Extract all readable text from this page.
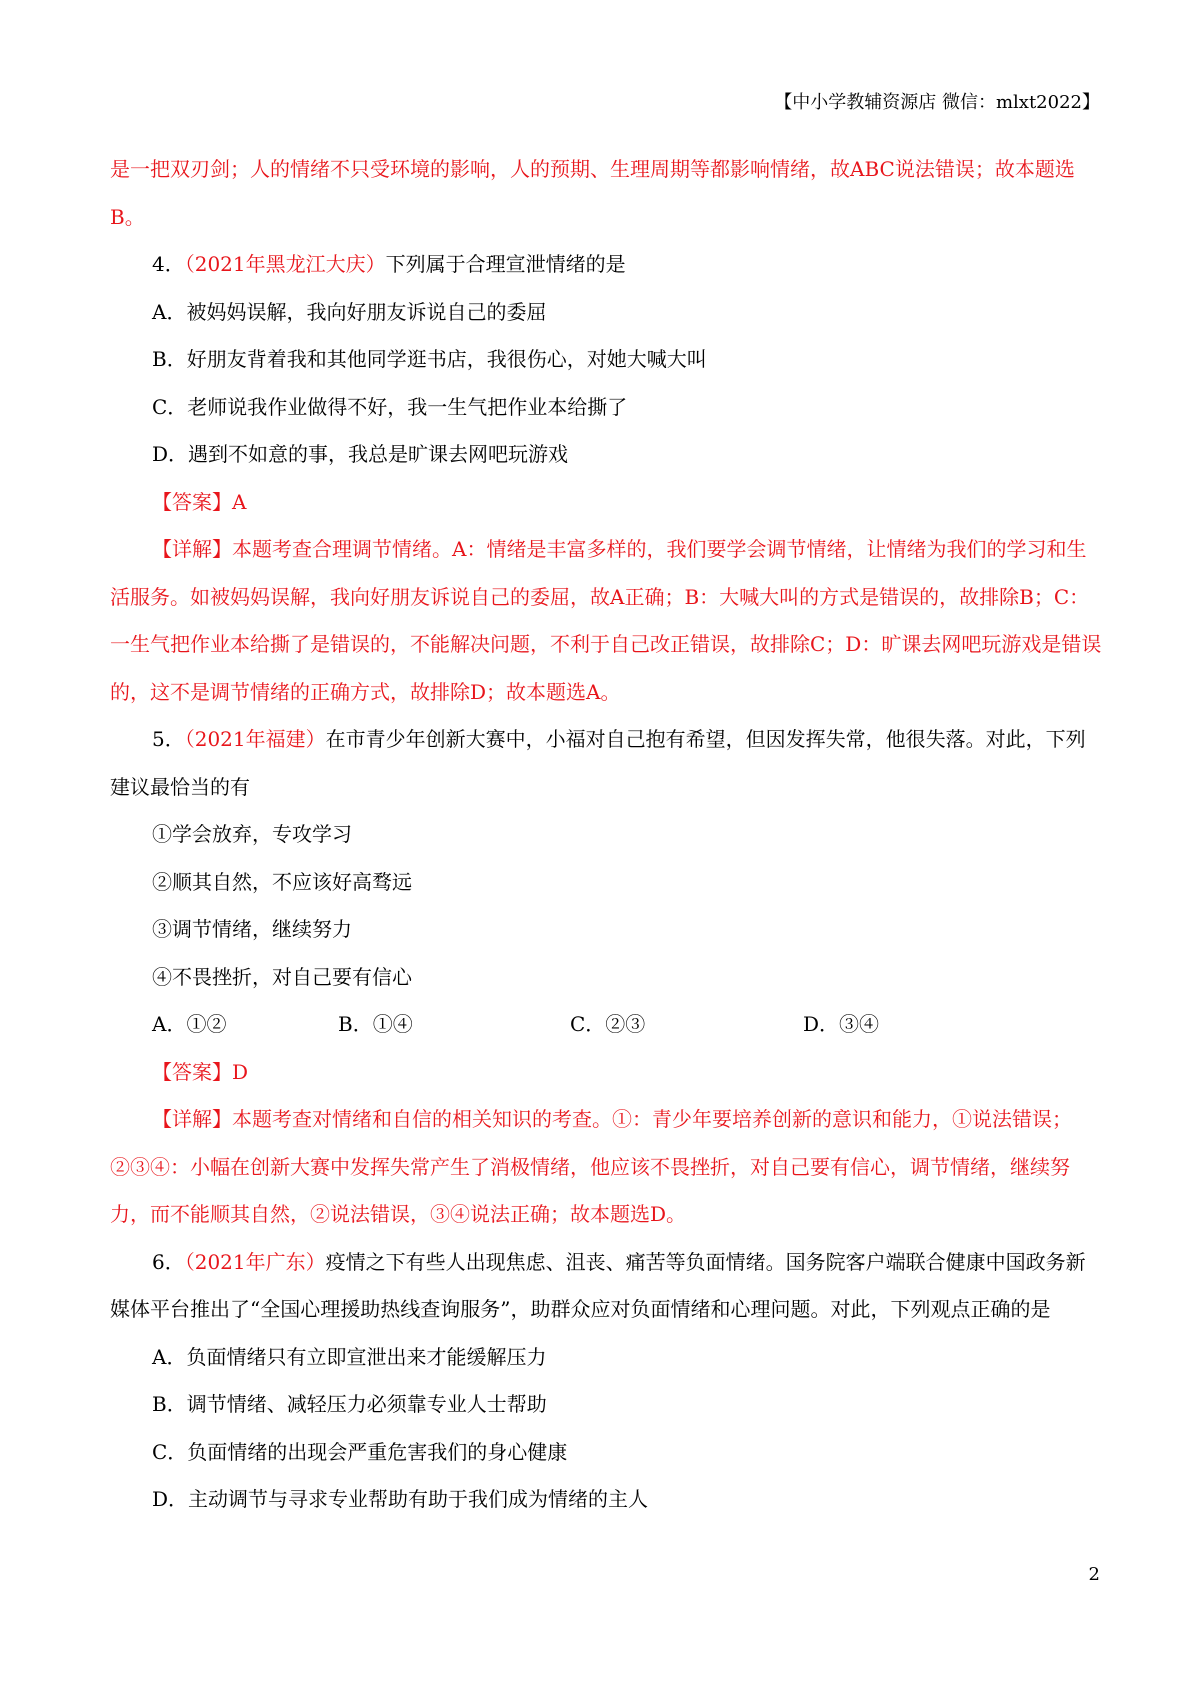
【中小学教辅资源店 微信：mlxt2022】

是一把双刃剑；人的情绪不只受环境的影响，人的预期、生理周期等都影响情绪，故ABC说法错误；故本题选B。

4．（2021年黑龙江大庆）下列属于合理宣泄情绪的是

A．被妈妈误解，我向好朋友诉说自己的委屈

B．好朋友背着我和其他同学逛书店，我很伤心，对她大喊大叫

C．老师说我作业做得不好，我一生气把作业本给撕了

D．遇到不如意的事，我总是旷课去网吧玩游戏

【答案】A

【详解】本题考查合理调节情绪。A：情绪是丰富多样的，我们要学会调节情绪，让情绪为我们的学习和生活服务。如被妈妈误解，我向好朋友诉说自己的委屈，故A正确；B：大喊大叫的方式是错误的，故排除B；C：一生气把作业本给撕了是错误的，不能解决问题，不利于自己改正错误，故排除C；D：旷课去网吧玩游戏是错误的，这不是调节情绪的正确方式，故排除D；故本题选A。

5．（2021年福建）在市青少年创新大赛中，小福对自己抱有希望，但因发挥失常，他很失落。对此，下列建议最恰当的有

①学会放弃，专攻学习

②顺其自然，不应该好高骛远

③调节情绪，继续努力

④不畏挫折，对自己要有信心

A．①②	B．①④	C．②③	D．③④

【答案】D

【详解】本题考查对情绪和自信的相关知识的考查。①：青少年要培养创新的意识和能力，①说法错误；②③④：小幅在创新大赛中发挥失常产生了消极情绪，他应该不畏挫折，对自己要有信心，调节情绪，继续努力，而不能顺其自然，②说法错误，③④说法正确；故本题选D。

6．（2021年广东）疫情之下有些人出现焦虑、沮丧、痛苦等负面情绪。国务院客户端联合健康中国政务新媒体平台推出了“全国心理援助热线查询服务”，助群众应对负面情绪和心理问题。对此，下列观点正确的是

A．负面情绪只有立即宣泄出来才能缓解压力

B．调节情绪、减轻压力必须靠专业人士帮助

C．负面情绪的出现会严重危害我们的身心健康

D．主动调节与寻求专业帮助有助于我们成为情绪的主人

2
